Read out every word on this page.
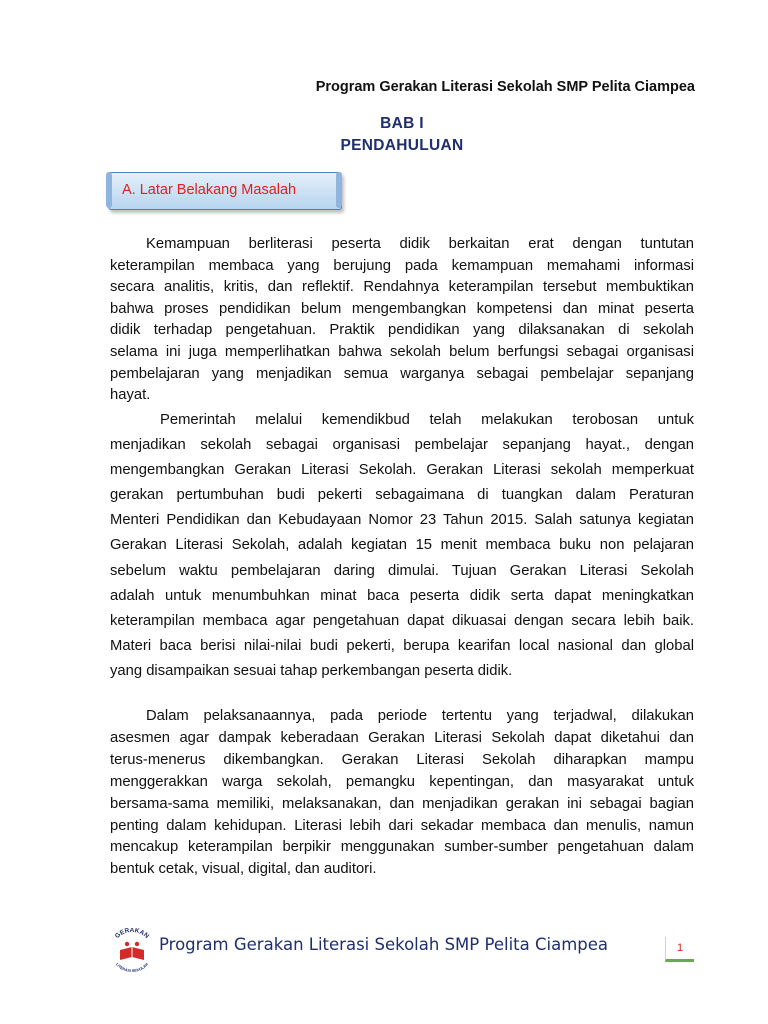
Program Gerakan Literasi Sekolah SMP Pelita Ciampea
BAB I
PENDAHULUAN
A. Latar Belakang Masalah
Kemampuan berliterasi peserta didik berkaitan erat dengan tuntutan
keterampilan membaca yang berujung pada kemampuan memahami informasi
secara analitis, kritis, dan reflektif. Rendahnya keterampilan tersebut membuktikan
bahwa proses pendidikan belum mengembangkan kompetensi dan minat peserta
didik terhadap pengetahuan. Praktik pendidikan yang dilaksanakan di sekolah
selama ini juga memperlihatkan bahwa sekolah belum berfungsi sebagai organisasi
pembelajaran yang menjadikan semua warganya sebagai pembelajar sepanjang
hayat.
Pemerintah melalui kemendikbud telah melakukan terobosan untuk
menjadikan sekolah sebagai organisasi pembelajar sepanjang hayat., dengan
mengembangkan Gerakan Literasi Sekolah. Gerakan Literasi sekolah memperkuat
gerakan pertumbuhan budi pekerti sebagaimana di tuangkan dalam Peraturan
Menteri Pendidikan dan Kebudayaan Nomor 23 Tahun 2015. Salah satunya kegiatan
Gerakan Literasi Sekolah, adalah kegiatan 15 menit membaca buku non pelajaran
sebelum waktu pembelajaran daring dimulai. Tujuan Gerakan Literasi Sekolah
adalah untuk menumbuhkan minat baca peserta didik serta dapat meningkatkan
keterampilan membaca agar pengetahuan dapat dikuasai dengan secara lebih baik.
Materi baca berisi nilai-nilai budi pekerti, berupa kearifan local nasional dan global
yang disampaikan sesuai tahap perkembangan peserta didik.
Dalam pelaksanaannya, pada periode tertentu yang terjadwal, dilakukan
asesmen agar dampak keberadaan Gerakan Literasi Sekolah dapat diketahui dan
terus-menerus dikembangkan. Gerakan Literasi Sekolah diharapkan mampu
menggerakkan warga sekolah, pemangku kepentingan, dan masyarakat untuk
bersama-sama memiliki, melaksanakan, dan menjadikan gerakan ini sebagai bagian
penting dalam kehidupan. Literasi lebih dari sekadar membaca dan menulis, namun
mencakup keterampilan berpikir menggunakan sumber-sumber pengetahuan dalam
bentuk cetak, visual, digital, dan auditori.
GERAKAN
LITERASI SEKOLAH
Program Gerakan Literasi Sekolah SMP Pelita Ciampea	1
